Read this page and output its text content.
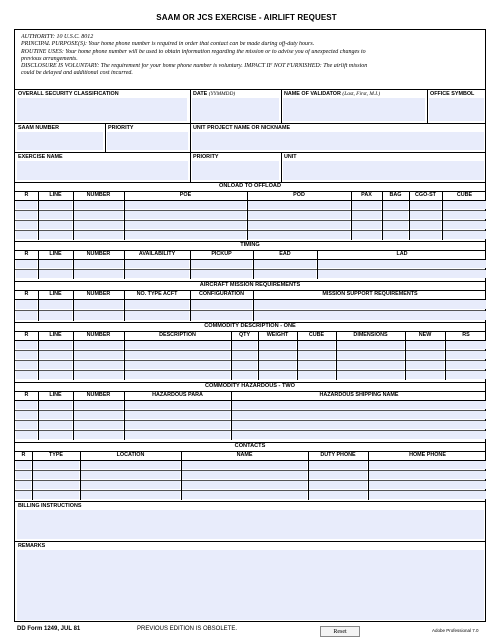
SAAM OR JCS EXERCISE - AIRLIFT REQUEST
AUTHORITY: 10 U.S.C. 8012
PRINCIPAL PURPOSE(S): Your home phone number is required in order that contact can be made during off-duty hours.
ROUTINE USES: Your home phone number will be used to obtain information regarding the mission or to advise you of unexpected changes to
previous arrangements.
DISCLOSURE IS VOLUNTARY: The requirement for your home phone number is voluntary. IMPACT IF NOT FURNISHED: The airlift mission
could be delayed and additional cost incurred.
OVERALL SECURITY CLASSIFICATION	DATE (YYMMDD)	NAME OF VALIDATOR (Last, First, M.I.)	OFFICE SYMBOL
SAAM NUMBER	PRIORITY	UNIT PROJECT NAME OR NICKNAME
EXERCISE NAME	PRIORITY	UNIT
ONLOAD TO OFFLOAD
R	LINE	NUMBER	POE	POD	PAX	BAG	CGO-ST	CUBE
TIMING
R	LINE	NUMBER	AVAILABILITY	PICKUP	EAD	LAD
AIRCRAFT MISSION REQUIREMENTS
R	LINE	NUMBER	NO. TYPE ACFT	CONFIGURATION	MISSION SUPPORT REQUIREMENTS
COMMODITY DESCRIPTION - ONE
R	LINE	NUMBER	DESCRIPTION	QTY	WEIGHT	CUBE	DIMENSIONS	NEW	RS
COMMODITY HAZARDOUS - TWO
R	LINE	NUMBER	HAZARDOUS PARA	HAZARDOUS SHIPPING NAME
CONTACTS
R	TYPE	LOCATION	NAME	DUTY PHONE	HOME PHONE
BILLING INSTRUCTIONS
REMARKS
DD Form 1249, JUL 81	PREVIOUS EDITION IS OBSOLETE.	Reset	Adobe Professional 7.0
